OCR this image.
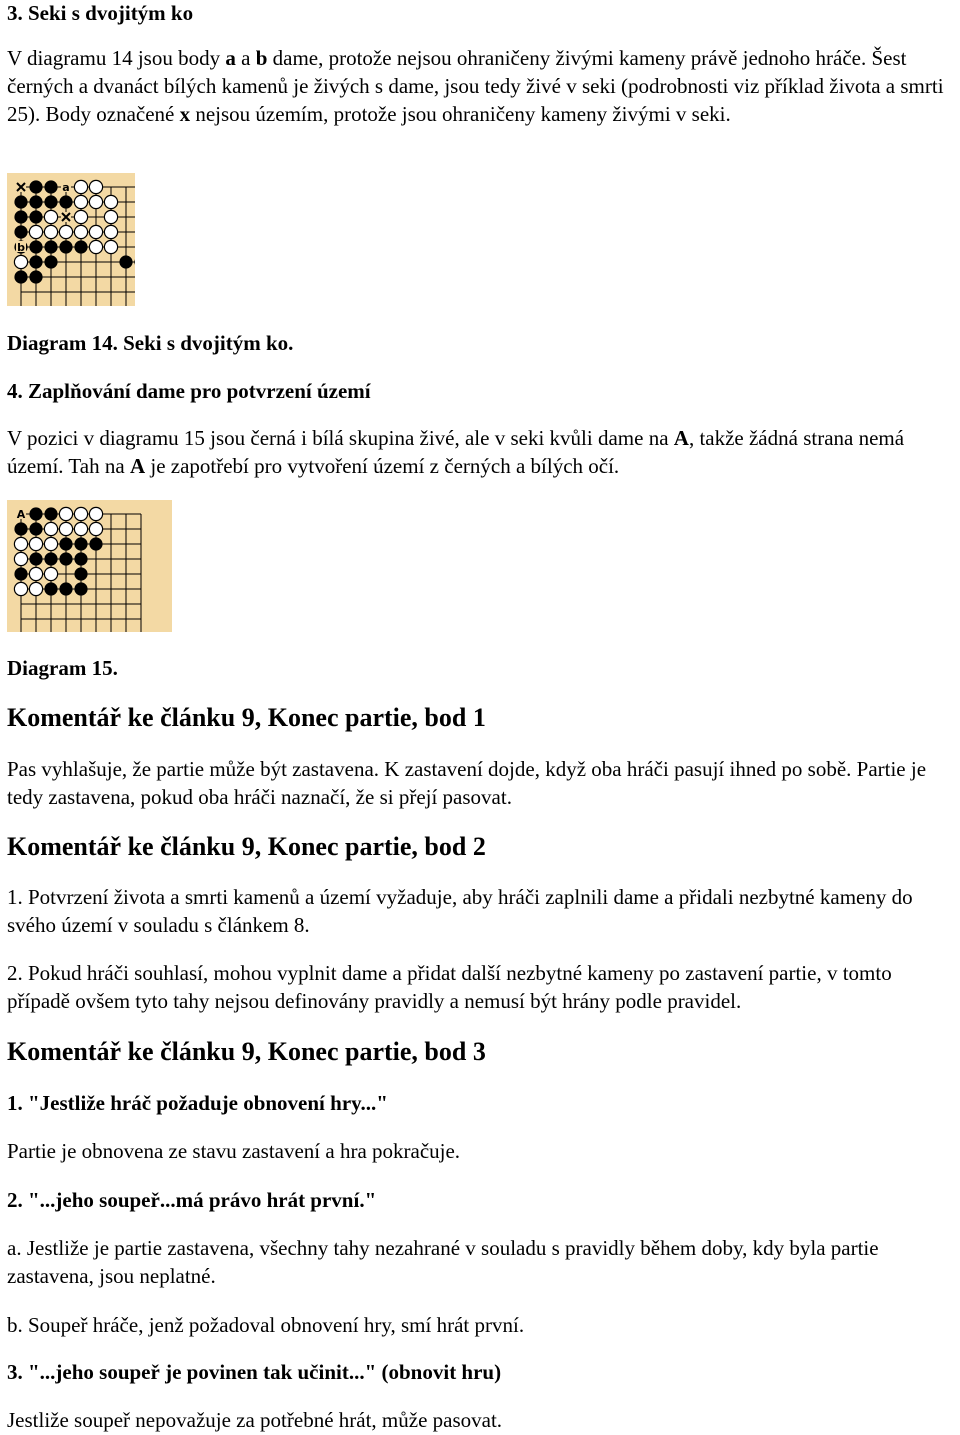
3. Seki s dvojitým ko

V diagramu 14 jsou body a a b dame, protože nejsou ohraničeny živými kameny právě jednoho hráče. Šest černých a dvanáct bílých kamenů je živých s dame, jsou tedy živé v seki (podrobnosti viz příklad života a smrti 25). Body označené x nejsou územím, protože jsou ohraničeny kameny živými v seki.

a
b
Diagram 14. Seki s dvojitým ko.
4. Zaplňování dame pro potvrzení území

V pozici v diagramu 15 jsou černá i bílá skupina živé, ale v seki kvůli dame na A, takže žádná strana nemá území. Tah na A je zapotřebí pro vytvoření území z černých a bílých očí.

A
Diagram 15.
Komentář ke článku 9, Konec partie, bod 1

Pas vyhlašuje, že partie může být zastavena. K zastavení dojde, když oba hráči pasují ihned po sobě. Partie je tedy zastavena, pokud oba hráči naznačí, že si přejí pasovat.

Komentář ke článku 9, Konec partie, bod 2

1. Potvrzení života a smrti kamenů a území vyžaduje, aby hráči zaplnili dame a přidali nezbytné kameny do svého území v souladu s článkem 8.

2. Pokud hráči souhlasí, mohou vyplnit dame a přidat další nezbytné kameny po zastavení partie, v tomto případě ovšem tyto tahy nejsou definovány pravidly a nemusí být hrány podle pravidel.

Komentář ke článku 9, Konec partie, bod 3
1. "Jestliže hráč požaduje obnovení hry..."

Partie je obnovena ze stavu zastavení a hra pokračuje.

2. "...jeho soupeř...má právo hrát první."

a. Jestliže je partie zastavena, všechny tahy nezahrané v souladu s pravidly během doby, kdy byla partie zastavena, jsou neplatné.

b. Soupeř hráče, jenž požadoval obnovení hry, smí hrát první.

3. "...jeho soupeř je povinen tak učinit..." (obnovit hru)

Jestliže soupeř nepovažuje za potřebné hrát, může pasovat.
